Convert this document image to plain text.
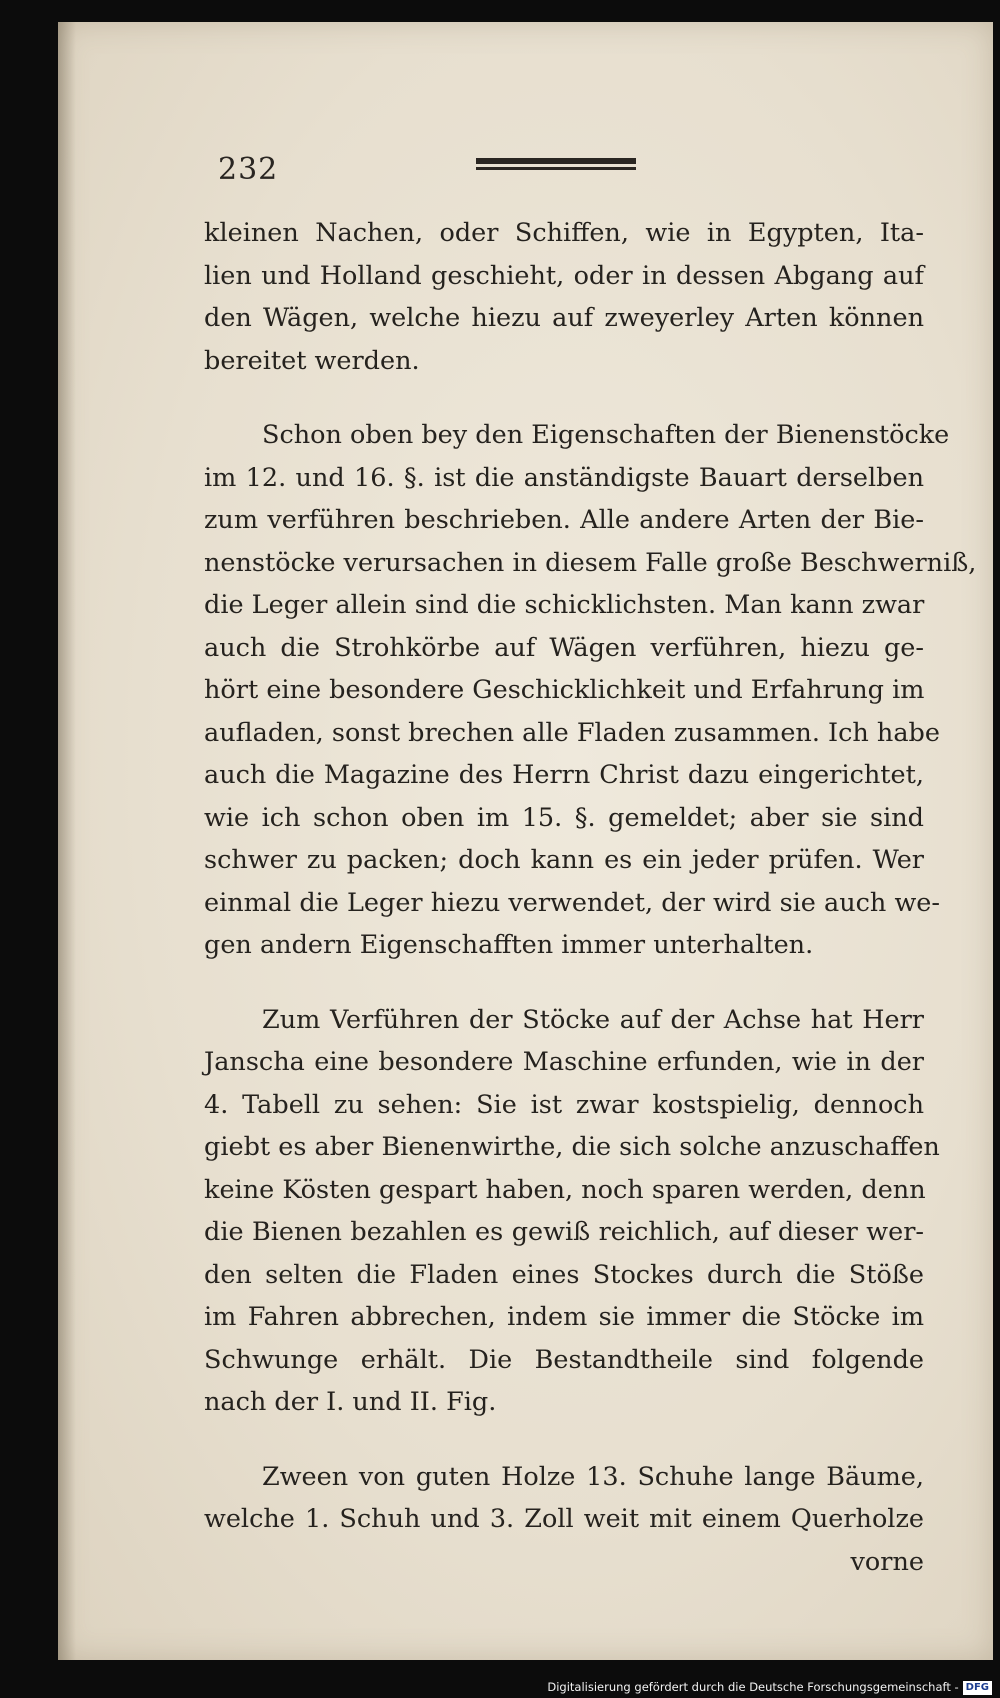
232
kleinen Nachen, oder Schiffen, wie in Egypten, Ita-
lien und Holland geschieht, oder in dessen Abgang auf
den Wägen, welche hiezu auf zweyerley Arten können
bereitet werden.
Schon oben bey den Eigenschaften der Bienenstöcke
im 12. und 16. §. ist die anständigste Bauart derselben
zum verführen beschrieben. Alle andere Arten der Bie-
nenstöcke verursachen in diesem Falle große Beschwerniß,
die Leger allein sind die schicklichsten. Man kann zwar
auch die Strohkörbe auf Wägen verführen, hiezu ge-
hört eine besondere Geschicklichkeit und Erfahrung im
aufladen, sonst brechen alle Fladen zusammen. Ich habe
auch die Magazine des Herrn Christ dazu eingerichtet,
wie ich schon oben im 15. §. gemeldet; aber sie sind
schwer zu packen; doch kann es ein jeder prüfen. Wer
einmal die Leger hiezu verwendet, der wird sie auch we-
gen andern Eigenschafften immer unterhalten.
Zum Verführen der Stöcke auf der Achse hat Herr
Janscha eine besondere Maschine erfunden, wie in der
4. Tabell zu sehen: Sie ist zwar kostspielig, dennoch
giebt es aber Bienenwirthe, die sich solche anzuschaffen
keine Kösten gespart haben, noch sparen werden, denn
die Bienen bezahlen es gewiß reichlich, auf dieser wer-
den selten die Fladen eines Stockes durch die Stöße
im Fahren abbrechen, indem sie immer die Stöcke im
Schwunge erhält. Die Bestandtheile sind folgende
nach der I. und II. Fig.
Zween von guten Holze 13. Schuhe lange Bäume,
welche 1. Schuh und 3. Zoll weit mit einem Querholze
vorne
Digitalisierung gefördert durch die Deutsche Forschungsgemeinschaft - DFG
